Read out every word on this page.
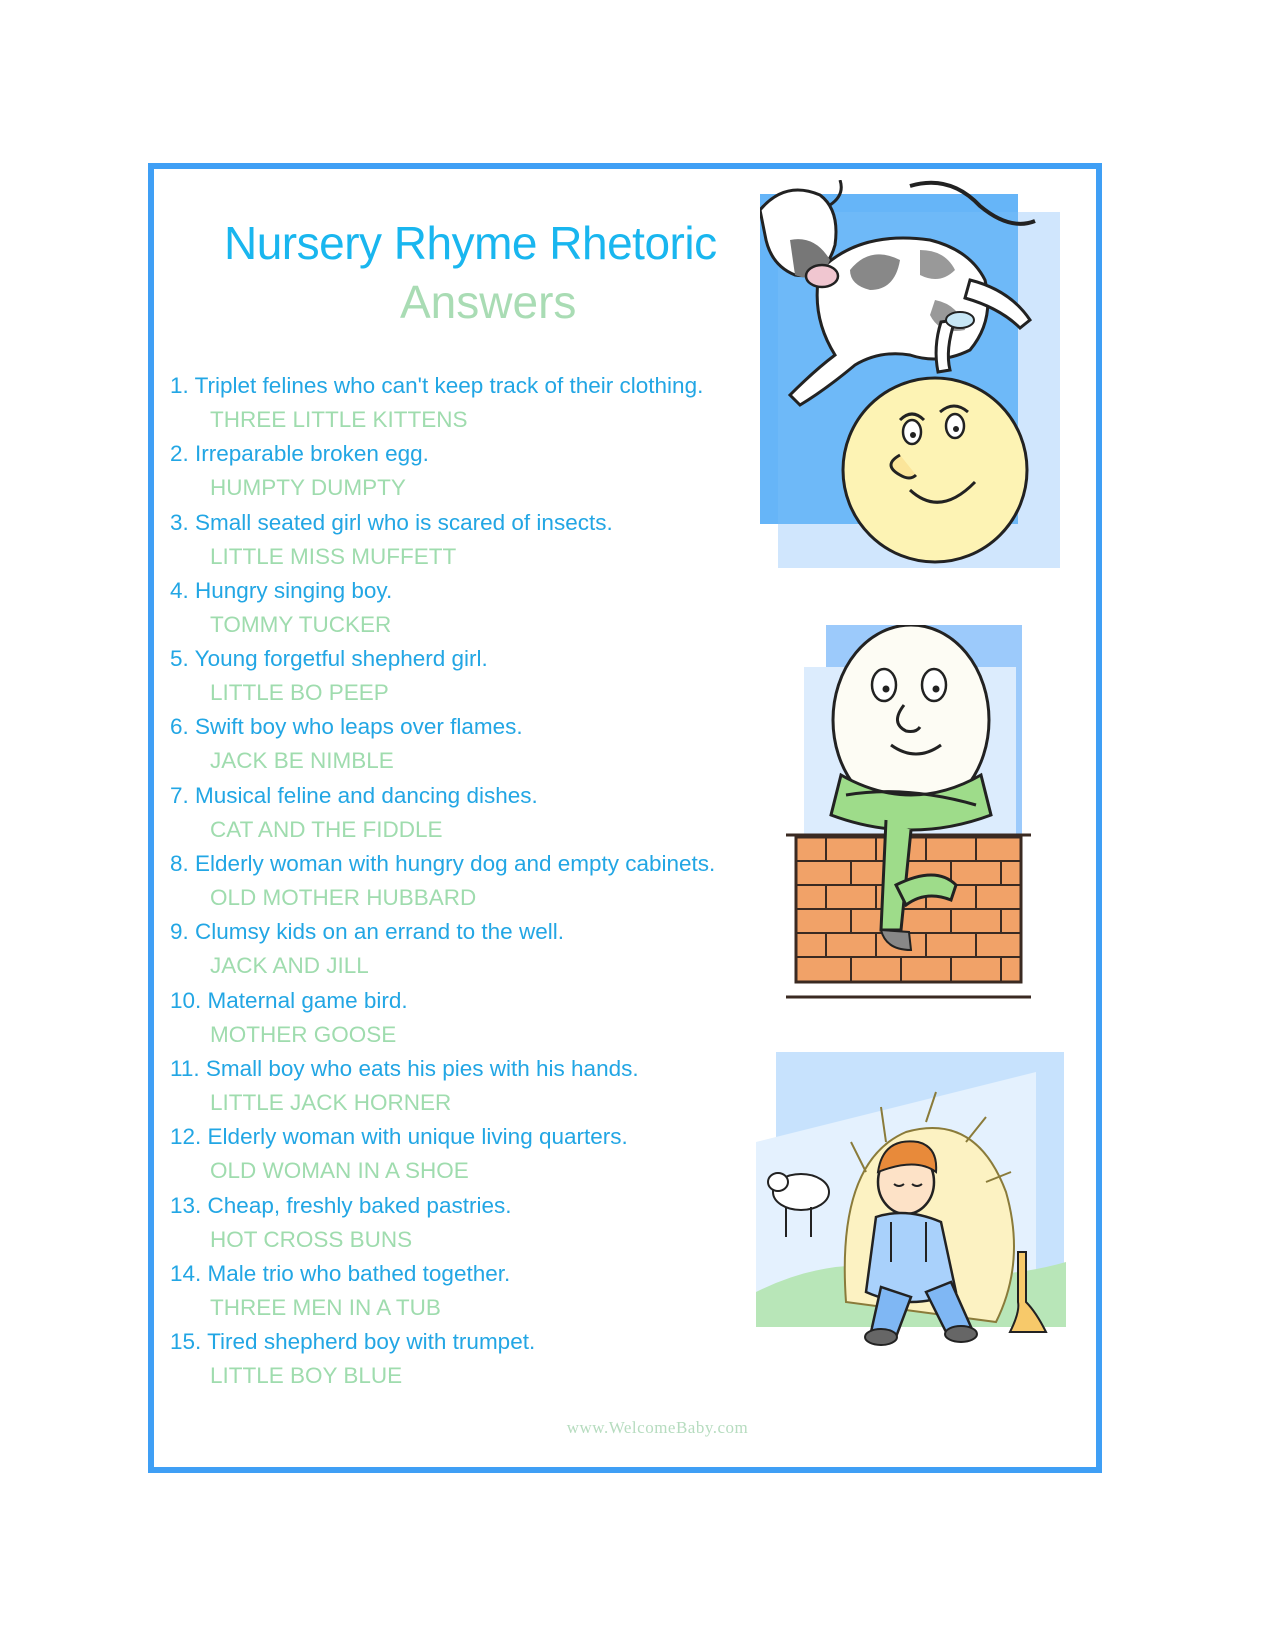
Nursery Rhyme Rhetoric
Answers
1. Triplet felines who can't keep track of their clothing.
THREE LITTLE KITTENS
2. Irreparable broken egg.
HUMPTY DUMPTY
3. Small seated girl who is scared of insects.
LITTLE MISS MUFFETT
4. Hungry singing boy.
TOMMY TUCKER
5. Young forgetful shepherd girl.
LITTLE BO PEEP
6. Swift boy who leaps over flames.
JACK BE NIMBLE
7. Musical feline and dancing dishes.
CAT AND THE FIDDLE
8. Elderly woman with hungry dog and empty cabinets.
OLD MOTHER HUBBARD
9. Clumsy kids on an errand to the well.
JACK AND JILL
10. Maternal game bird.
MOTHER GOOSE
11. Small boy who eats his pies with his hands.
LITTLE JACK HORNER
12. Elderly woman with unique living quarters.
OLD WOMAN IN A SHOE
13. Cheap, freshly baked pastries.
HOT CROSS BUNS
14. Male trio who bathed together.
THREE MEN IN A TUB
15. Tired shepherd boy with trumpet.
LITTLE BOY BLUE
www.WelcomeBaby.com
